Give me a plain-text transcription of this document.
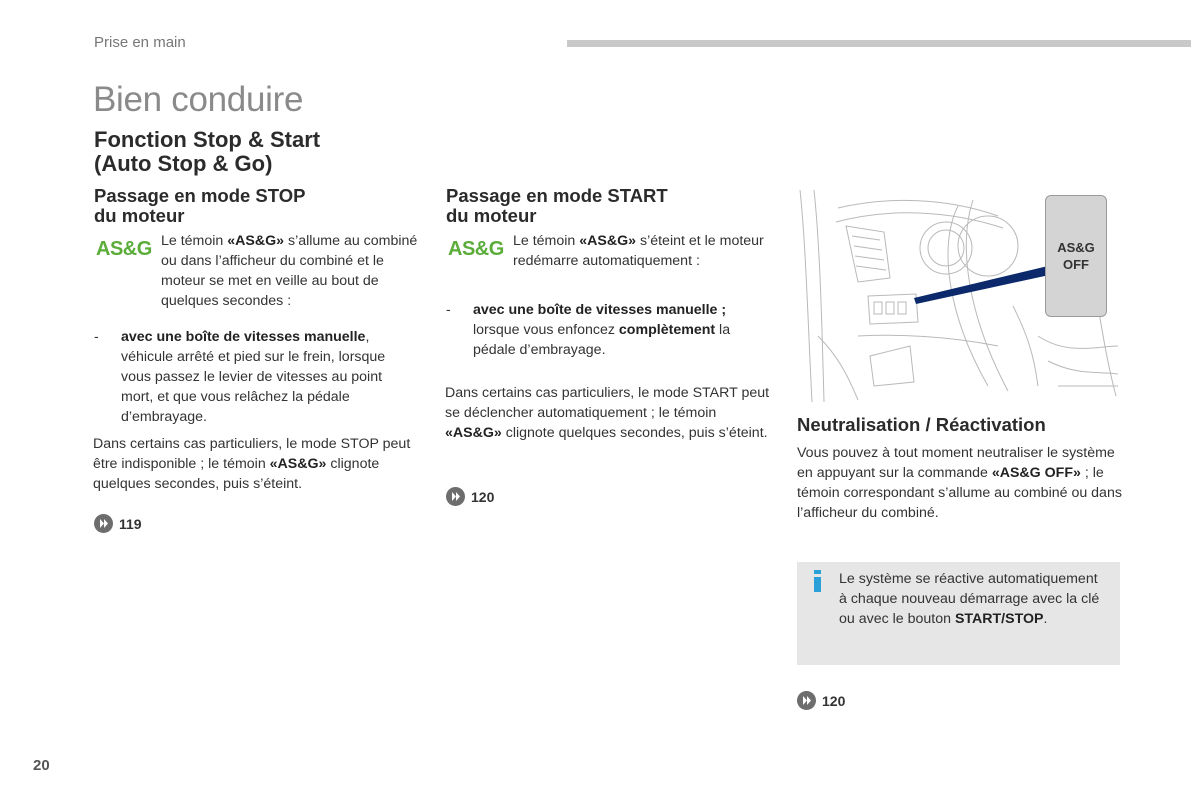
Prise en main
Bien conduire
Fonction Stop & Start
(Auto Stop & Go)
Passage en mode STOP
du moteur
AS&G Le témoin «AS&G» s’allume au combiné ou dans l’afficheur du combiné et le moteur se met en veille au bout de quelques secondes :
- avec une boîte de vitesses manuelle, véhicule arrêté et pied sur le frein, lorsque vous passez le levier de vitesses au point mort, et que vous relâchez la pédale d’embrayage.
Dans certains cas particuliers, le mode STOP peut être indisponible ; le témoin «AS&G» clignote quelques secondes, puis s’éteint.
119
Passage en mode START
du moteur
AS&G Le témoin «AS&G» s’éteint et le moteur redémarre automatiquement :
- avec une boîte de vitesses manuelle ; lorsque vous enfoncez complètement la pédale d’embrayage.
Dans certains cas particuliers, le mode START peut se déclencher automatiquement ; le témoin «AS&G» clignote quelques secondes, puis s’éteint.
120
AS&G
OFF
Neutralisation / Réactivation
Vous pouvez à tout moment neutraliser le système en appuyant sur la commande «AS&G OFF» ; le témoin correspondant s’allume au combiné ou dans l’afficheur du combiné.
Le système se réactive automatiquement à chaque nouveau démarrage avec la clé ou avec le bouton START/STOP.
120
20
